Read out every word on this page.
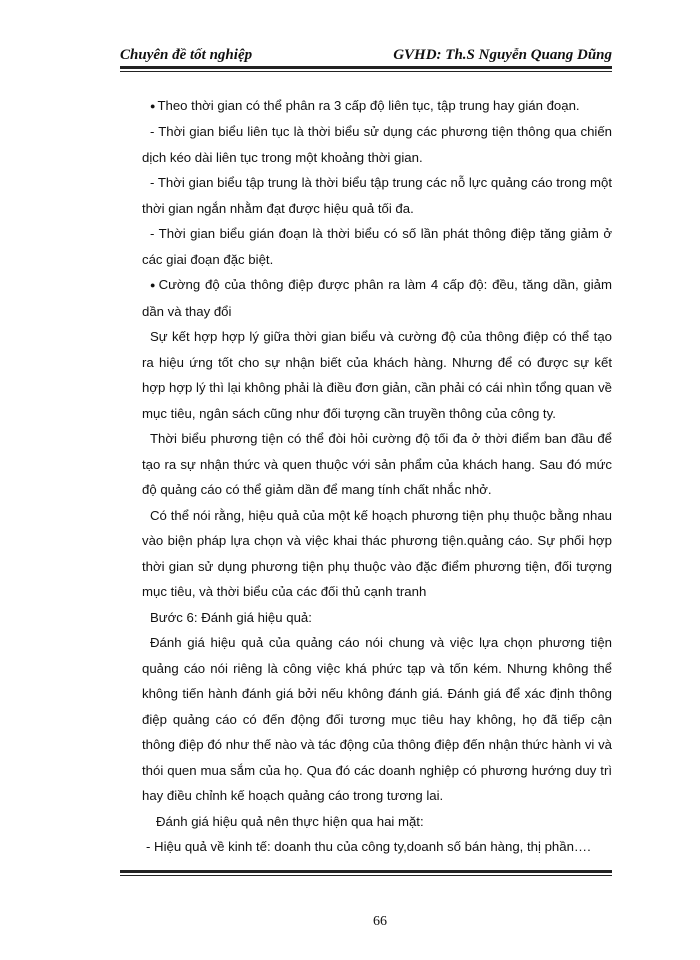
Chuyên đề tốt nghiệp	GVHD: Th.S Nguyễn Quang Dũng

● Theo thời gian có thể phân ra 3 cấp độ liên tục, tập trung hay gián đoạn.

- Thời gian biểu liên tục là thời biểu sử dụng các phương tiện thông qua chiến dịch kéo dài liên tục trong một khoảng thời gian.

- Thời gian biểu tập trung là thời biểu tập trung các nỗ lực quảng cáo trong một thời gian ngắn nhằm đạt được hiệu quả tối đa.

- Thời gian biểu gián đoạn là thời biểu có số lần phát thông điệp tăng giảm ở các giai đoạn đặc biệt.

● Cường độ của thông điệp được phân ra làm 4 cấp độ: đều, tăng dần, giảm dần và thay đổi

Sự kết hợp hợp lý giữa thời gian biểu và cường độ của thông điệp có thể tạo ra hiệu ứng tốt cho sự nhận biết của khách hàng. Nhưng để có được sự kết hợp hợp lý thì lại không phải là điều đơn giản, cần phải có cái nhìn tổng quan về mục tiêu, ngân sách cũng như đối tượng cần truyền thông của công ty.

Thời biểu phương tiện có thể đòi hỏi cường độ tối đa ở thời điểm ban đầu để tạo ra sự nhận thức và quen thuộc với sản phẩm của khách hang. Sau đó mức độ quảng cáo có thể giảm dần để mang tính chất nhắc nhở.

Có thể nói rằng, hiệu quả của một kế hoạch phương tiện phụ thuộc bằng nhau vào biện pháp lựa chọn và việc khai thác phương tiện.quảng cáo. Sự phối hợp thời gian sử dụng phương tiện phụ thuộc vào đặc điểm phương tiện, đối tượng mục tiêu, và thời biểu của các đối thủ cạnh tranh

Bước 6: Đánh giá hiệu quả:

Đánh giá hiệu quả của quảng cáo nói chung và việc lựa chọn phương tiện quảng cáo nói riêng là công việc khá phức tạp và tốn kém. Nhưng không thể không tiến hành đánh giá bởi nếu không đánh giá. Đánh giá để xác định thông điệp quảng cáo có đến động đối tương mục tiêu hay không, họ đã tiếp cận thông điệp đó như thế nào và tác động của thông điệp đến nhận thức hành vi và thói quen mua sắm của họ. Qua đó các doanh nghiệp có phương hướng duy trì hay điều chỉnh kế hoạch quảng cáo trong tương lai.

Đánh giá hiệu quả nên thực hiện qua hai mặt:

- Hiệu quả về kinh tế: doanh thu của công ty,doanh số bán hàng, thị phần….

66
